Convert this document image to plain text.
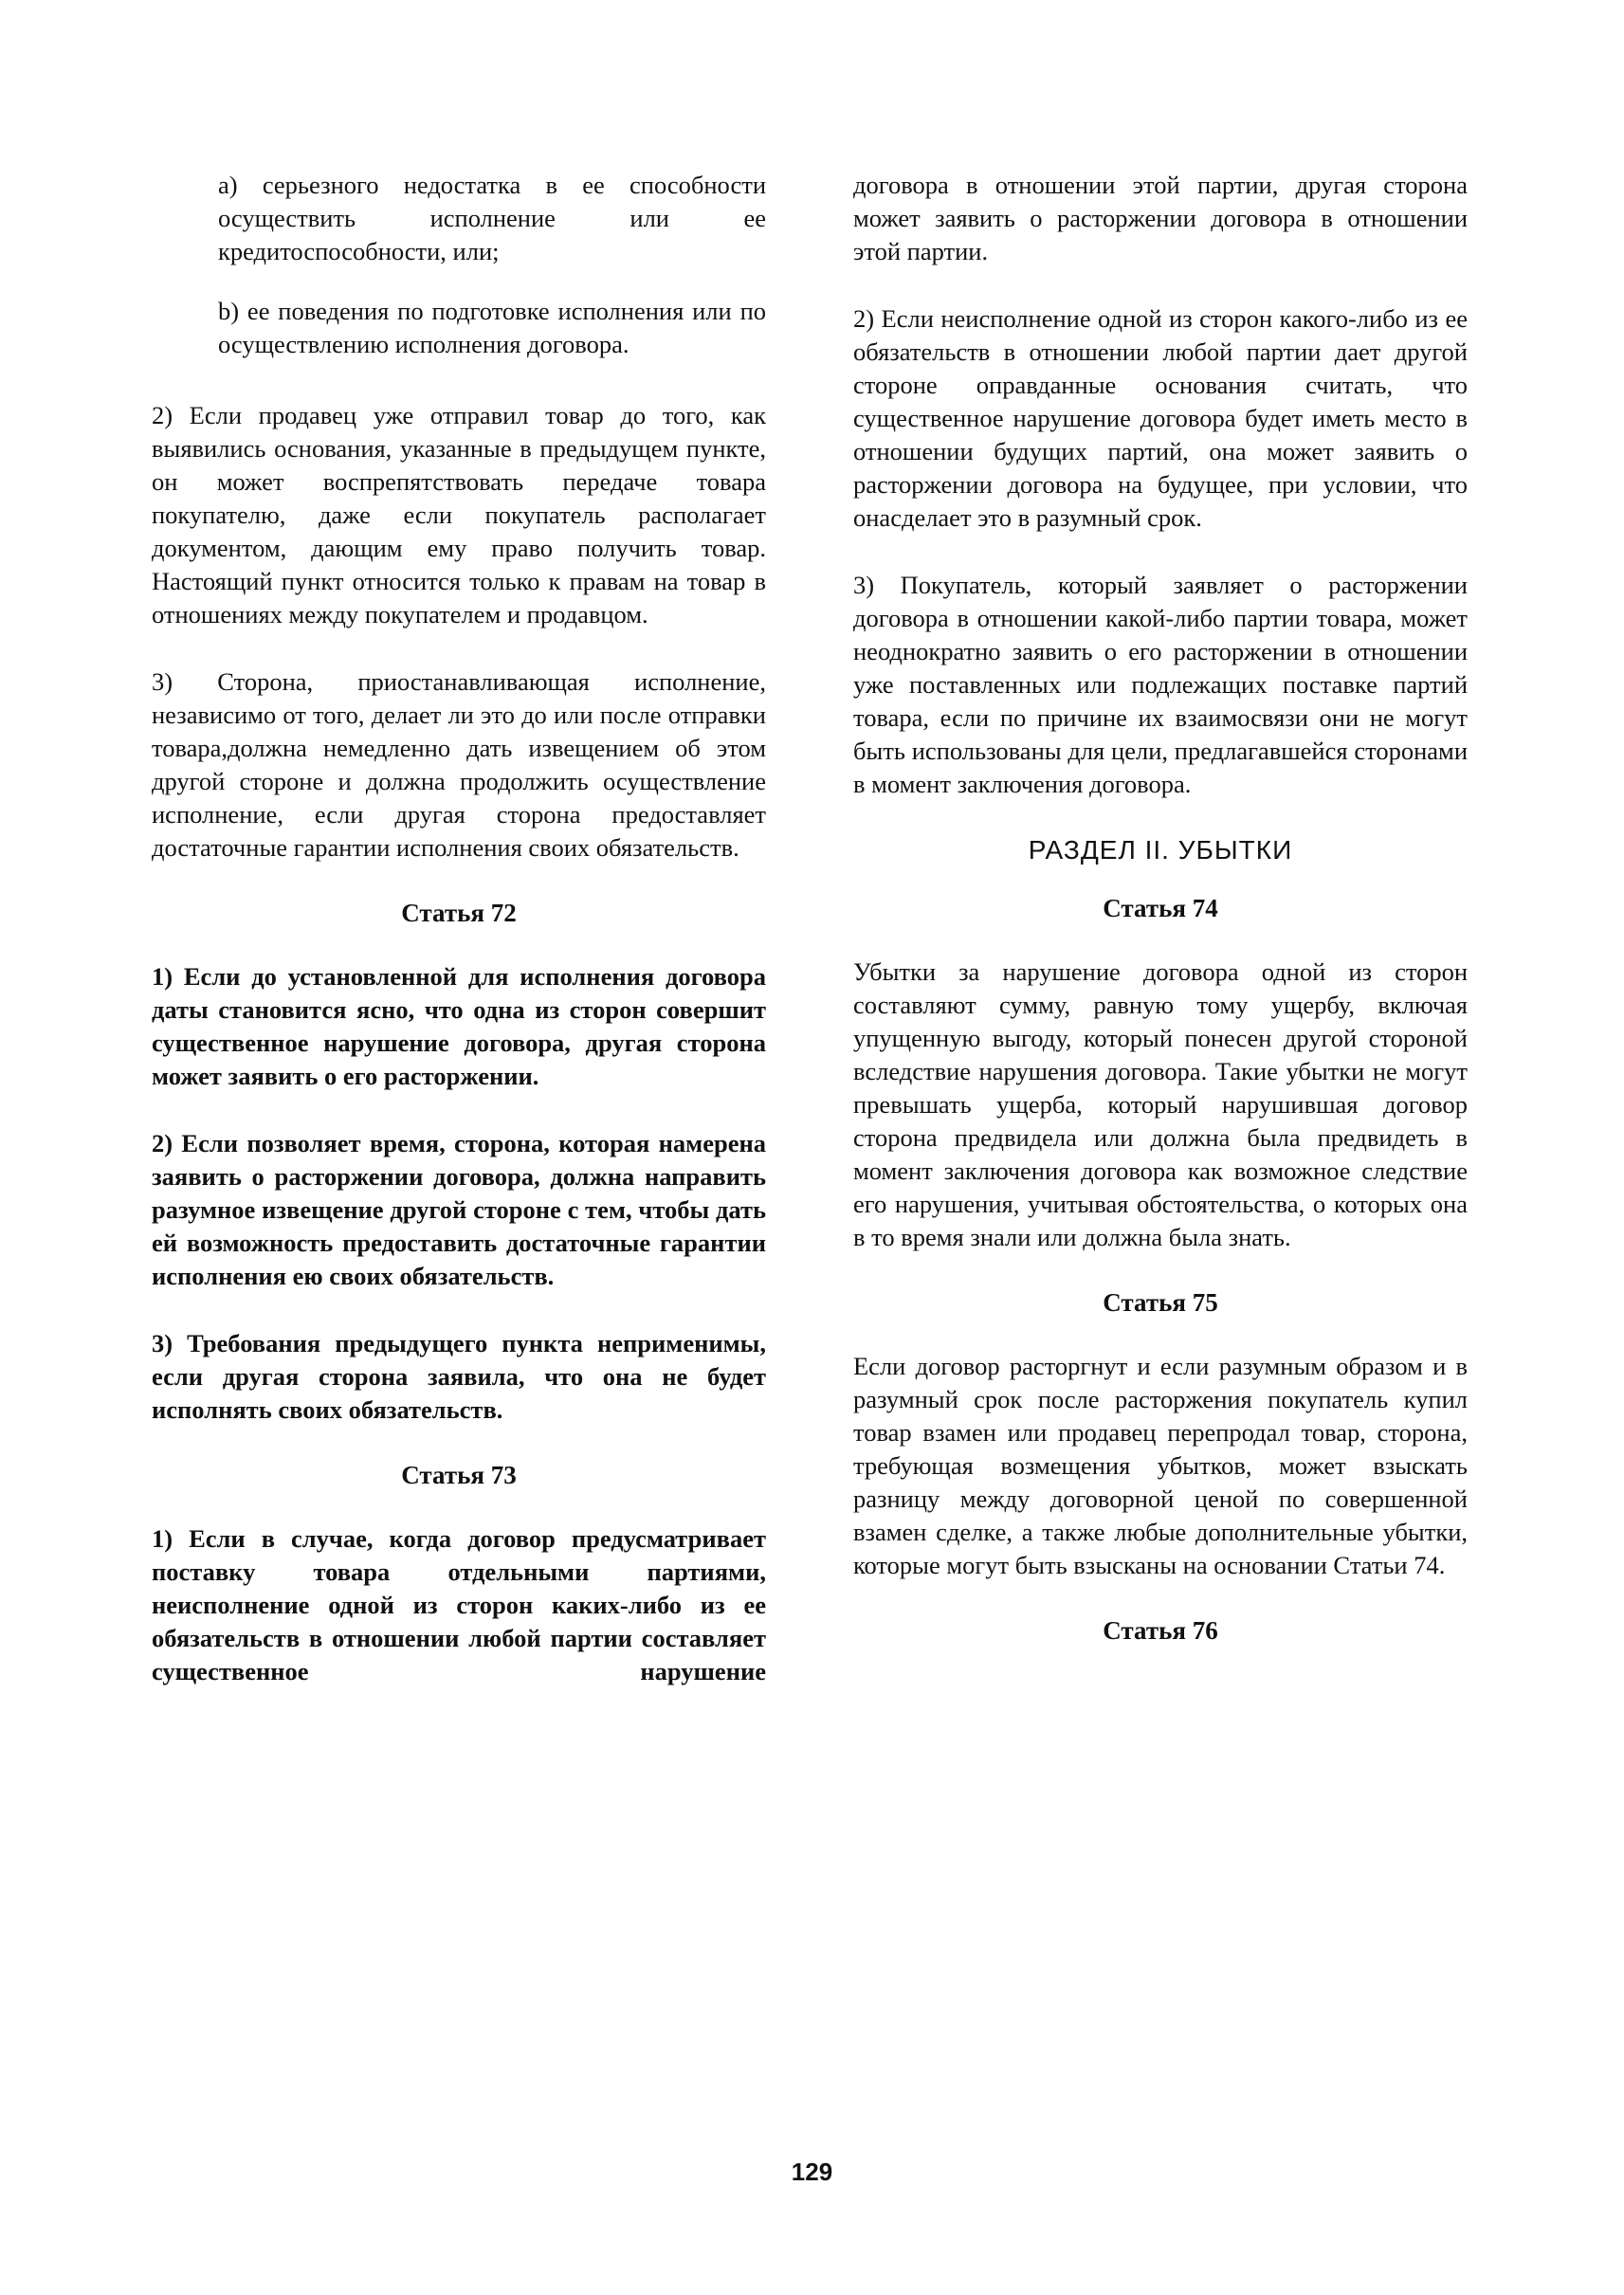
a) серьезного недостатка в ее способности осуществить исполнение или ее кредитоспособности, или;

b) ее поведения по подготовке исполнения или по осуществлению исполнения договора.

2) Если продавец уже отправил товар до того, как выявились основания, указанные в предыдущем пункте, он может воспрепятствовать передаче товара покупателю, даже если покупатель располагает документом, дающим ему право получить товар. Настоящий пункт относится только к правам на товар в отношениях между покупателем и продавцом.

3) Сторона, приостанавливающая исполнение, независимо от того, делает ли это до или после отправки товара,должна немедленно дать извещением об этом другой стороне и должна продолжить осуществление исполнение, если другая сторона предоставляет достаточные гарантии исполнения своих обязательств.

Статья 72

1) Если до установленной для исполнения договора даты становится ясно, что одна из сторон совершит существенное нарушение договора, другая сторона может заявить о его расторжении.

2) Если позволяет время, сторона, которая намерена заявить о расторжении договора, должна направить разумное извещение другой стороне с тем, чтобы дать ей возможность предоставить достаточные гарантии исполнения ею своих обязательств.

3) Требования предыдущего пункта неприменимы, если другая сторона заявила, что она не будет исполнять своих обязательств.

Статья 73

1) Если в случае, когда договор предусматривает поставку товара отдельными партиями, неисполнение одной из сторон каких-либо из ее обязательств в отношении любой партии составляет существенное нарушение

договора в отношении этой партии, другая сторона может заявить о расторжении договора в отношении этой партии.

2) Если неисполнение одной из сторон какого-либо из ее обязательств в отношении любой партии дает другой стороне оправданные основания считать, что существенное нарушение договора будет иметь место в отношении будущих партий, она может заявить о расторжении договора на будущее, при условии, что онасделает это в разумный срок.

3) Покупатель, который заявляет о расторжении договора в отношении какой-либо партии товара, может неоднократно заявить о его расторжении в отношении уже поставленных или подлежащих поставке партий товара, если по причине их взаимосвязи они не могут быть использованы для цели, предлагавшейся сторонами в момент заключения договора.

РАЗДЕЛ II. УБЫТКИ
Статья 74

Убытки за нарушение договора одной из сторон составляют сумму, равную тому ущербу, включая упущенную выгоду, который понесен другой стороной вследствие нарушения договора. Такие убытки не могут превышать ущерба, который нарушившая договор сторона предвидела или должна была предвидеть в момент заключения договора как возможное следствие его нарушения, учитывая обстоятельства, о которых она в то время знали или должна была знать.

Статья 75

Если договор расторгнут и если разумным образом и в разумный срок после расторжения покупатель купил товар взамен или продавец перепродал товар, сторона, требующая возмещения убытков, может взыскать разницу между договорной ценой по совершенной взамен сделке, а также любые дополнительные убытки, которые могут быть взысканы на основании Статьи 74.

Статья 76
129
